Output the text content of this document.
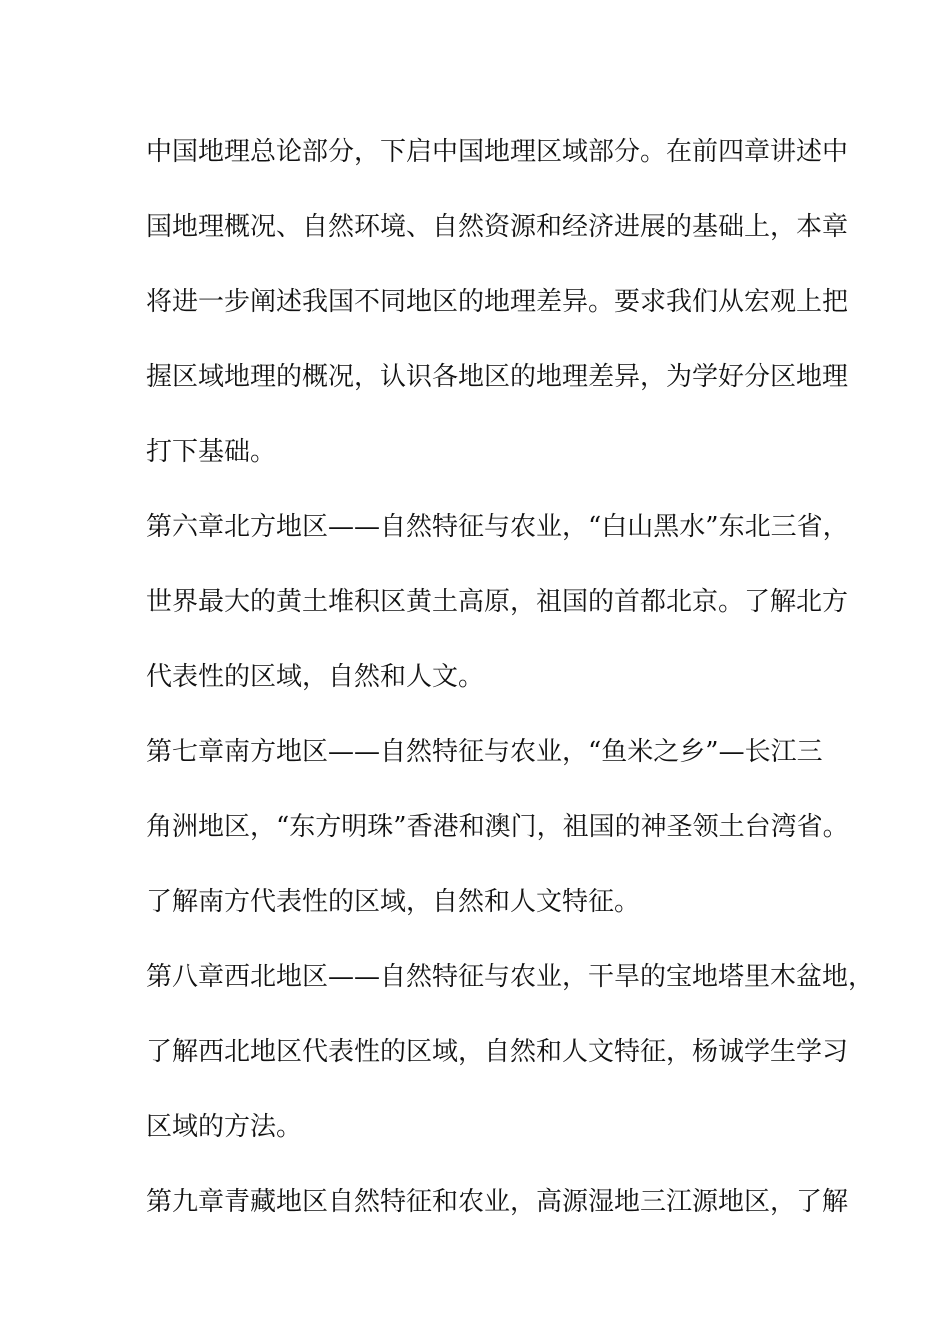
中国地理总论部分，下启中国地理区域部分。在前四章讲述中
国地理概况、自然环境、自然资源和经济进展的基础上，本章
将进一步阐述我国不同地区的地理差异。要求我们从宏观上把
握区域地理的概况，认识各地区的地理差异，为学好分区地理
打下基础。
第六章北方地区——自然特征与农业，“白山黑水”东北三省，
世界最大的黄土堆积区黄土高原，祖国的首都北京。了解北方
代表性的区域，自然和人文。
第七章南方地区——自然特征与农业，“鱼米之乡”—长江三
角洲地区，“东方明珠”香港和澳门，祖国的神圣领土台湾省。
了解南方代表性的区域，自然和人文特征。
第八章西北地区——自然特征与农业，干旱的宝地塔里木盆地，
了解西北地区代表性的区域，自然和人文特征，杨诚学生学习
区域的方法。
第九章青藏地区自然特征和农业，高源湿地三江源地区，了解
